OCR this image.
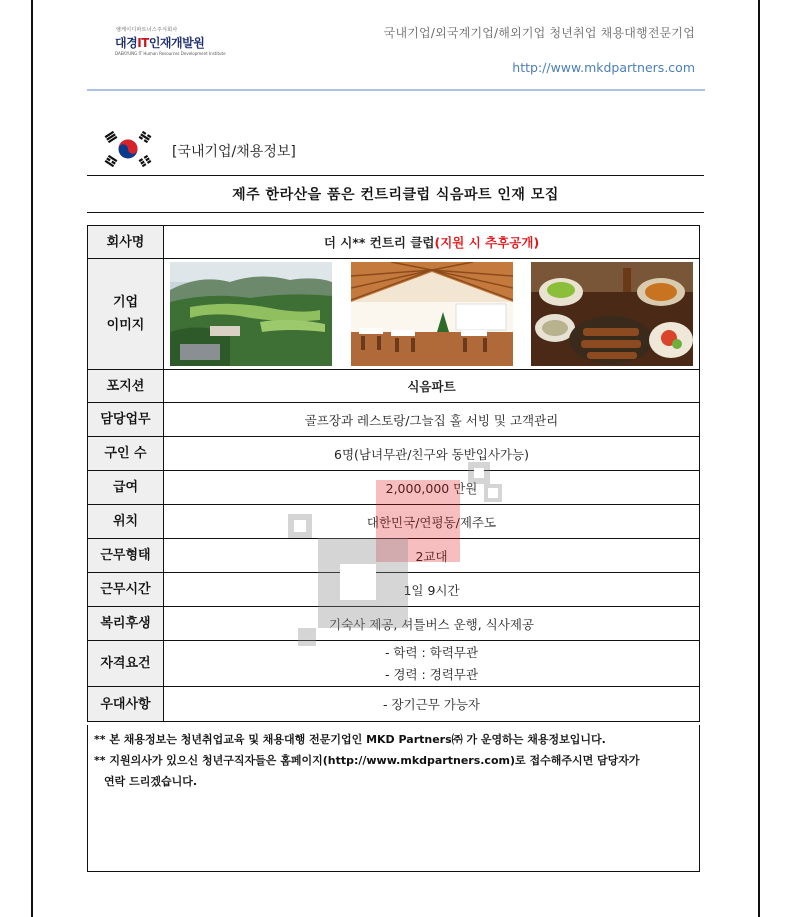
엠케이디파트너스주식회사
대경IT인재개발원
DAEKYUNG IT Human Resources Development Institute
국내기업/외국계기업/해외기업 청년취업 채용대행전문기업
http://www.mkdpartners.com
[국내기업/채용정보]
제주 한라산을 품은 컨트리클럽 식음파트 인재 모집
회사명	더 시** 컨트리 클럽(지원 시 추후공개)
기업
이미지	

포지션	식음파트
담당업무	골프장과 레스토랑/그늘집 홀 서빙 및 고객관리
구인 수	6명(남녀무관/친구와 동반입사가능)
급여	2,000,000 만원
위치	대한민국/연평동/제주도
근무형태	2교대
근무시간	1일 9시간
복리후생	기숙사 제공, 셔틀버스 운행, 식사제공
자격요건	- 학력 : 학력무관
- 경력 : 경력무관

우대사항	- 장기근무 가능자
** 본 채용정보는 청년취업교육 및 채용대행 전문기업인 MKD Partners㈜ 가 운영하는 채용정보입니다.
** 지원의사가 있으신 청년구직자들은 홈페이지(http://www.mkdpartners.com)로 접수해주시면 담당자가
연락 드리겠습니다.
